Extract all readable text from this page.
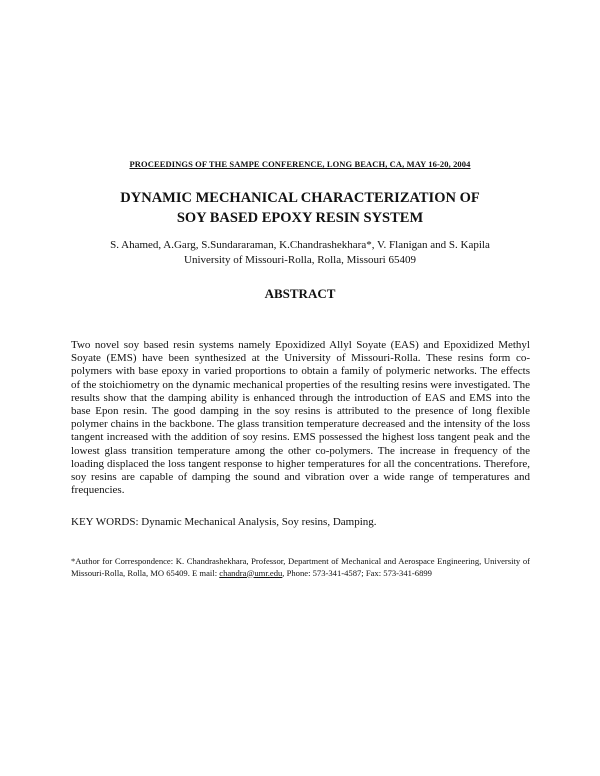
PROCEEDINGS OF THE SAMPE CONFERENCE, LONG BEACH, CA, MAY 16-20, 2004
DYNAMIC MECHANICAL CHARACTERIZATION OF
SOY BASED EPOXY RESIN SYSTEM
S. Ahamed, A.Garg, S.Sundararaman, K.Chandrashekhara*, V. Flanigan and S. Kapila
University of Missouri-Rolla, Rolla, Missouri 65409
ABSTRACT

Two novel soy based resin systems namely Epoxidized Allyl Soyate (EAS) and Epoxidized Methyl Soyate (EMS) have been synthesized at the University of Missouri-Rolla. These resins form co-polymers with base epoxy in varied proportions to obtain a family of polymeric networks. The effects of the stoichiometry on the dynamic mechanical properties of the resulting resins were investigated. The results show that the damping ability is enhanced through the introduction of EAS and EMS into the base Epon resin. The good damping in the soy resins is attributed to the presence of long flexible polymer chains in the backbone. The glass transition temperature decreased and the intensity of the loss tangent increased with the addition of soy resins. EMS possessed the highest loss tangent peak and the lowest glass transition temperature among the other co-polymers. The increase in frequency of the loading displaced the loss tangent response to higher temperatures for all the concentrations. Therefore, soy resins are capable of damping the sound and vibration over a wide range of temperatures and frequencies.

KEY WORDS: Dynamic Mechanical Analysis, Soy resins, Damping.
*Author for Correspondence: K. Chandrashekhara, Professor, Department of Mechanical and Aerospace Engineering, University of Missouri-Rolla, Rolla, MO 65409. E mail: chandra@umr.edu, Phone: 573-341-4587; Fax: 573-341-6899
